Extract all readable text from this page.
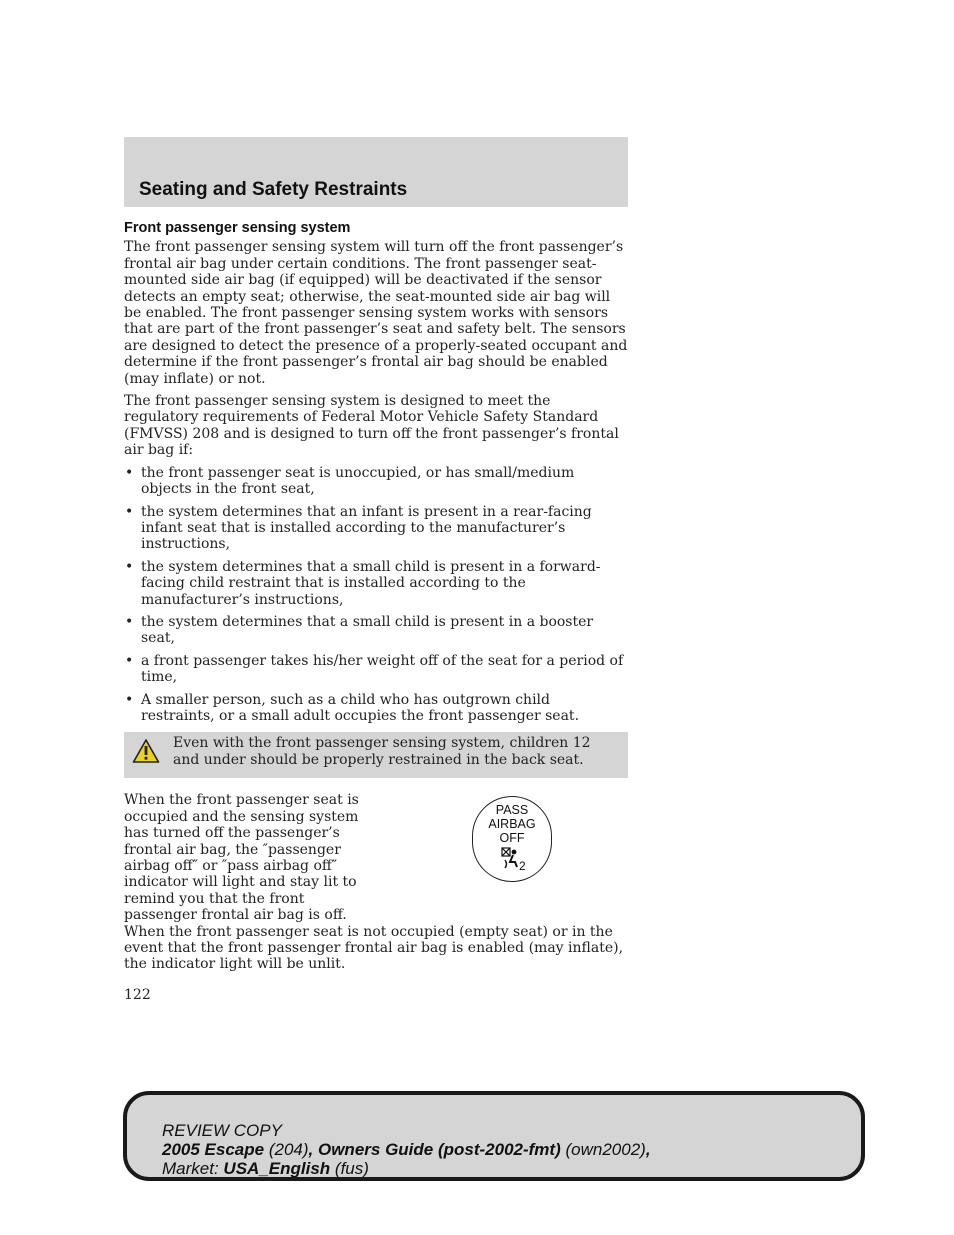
Seating and Safety Restraints
Front passenger sensing system

The front passenger sensing system will turn off the front passenger’s frontal air bag under certain conditions. The front passenger seat-mounted side air bag (if equipped) will be deactivated if the sensor detects an empty seat; otherwise, the seat-mounted side air bag will be enabled. The front passenger sensing system works with sensors that are part of the front passenger’s seat and safety belt. The sensors are designed to detect the presence of a properly-seated occupant and determine if the front passenger’s frontal air bag should be enabled (may inflate) or not.

The front passenger sensing system is designed to meet the regulatory requirements of Federal Motor Vehicle Safety Standard (FMVSS) 208 and is designed to turn off the front passenger’s frontal air bag if:

• the front passenger seat is unoccupied, or has small/medium objects in the front seat,
• the system determines that an infant is present in a rear-facing infant seat that is installed according to the manufacturer’s instructions,
• the system determines that a small child is present in a forward-facing child restraint that is installed according to the manufacturer’s instructions,
• the system determines that a small child is present in a booster seat,
• a front passenger takes his/her weight off of the seat for a period of time,
• A smaller person, such as a child who has outgrown child restraints, or a small adult occupies the front passenger seat.

Even with the front passenger sensing system, children 12 and under should be properly restrained in the back seat.

When the front passenger seat is occupied and the sensing system has turned off the passenger’s frontal air bag, the ″passenger airbag off″ or ″pass airbag off″ indicator will light and stay lit to remind you that the front passenger frontal air bag is off. When the front passenger seat is not occupied (empty seat) or in the event that the front passenger frontal air bag is enabled (may inflate), the indicator light will be unlit.

PASS
AIRBAG
OFF
2
122
REVIEW COPY
2005 Escape (204), Owners Guide (post-2002-fmt) (own2002),
Market: USA_English (fus)
